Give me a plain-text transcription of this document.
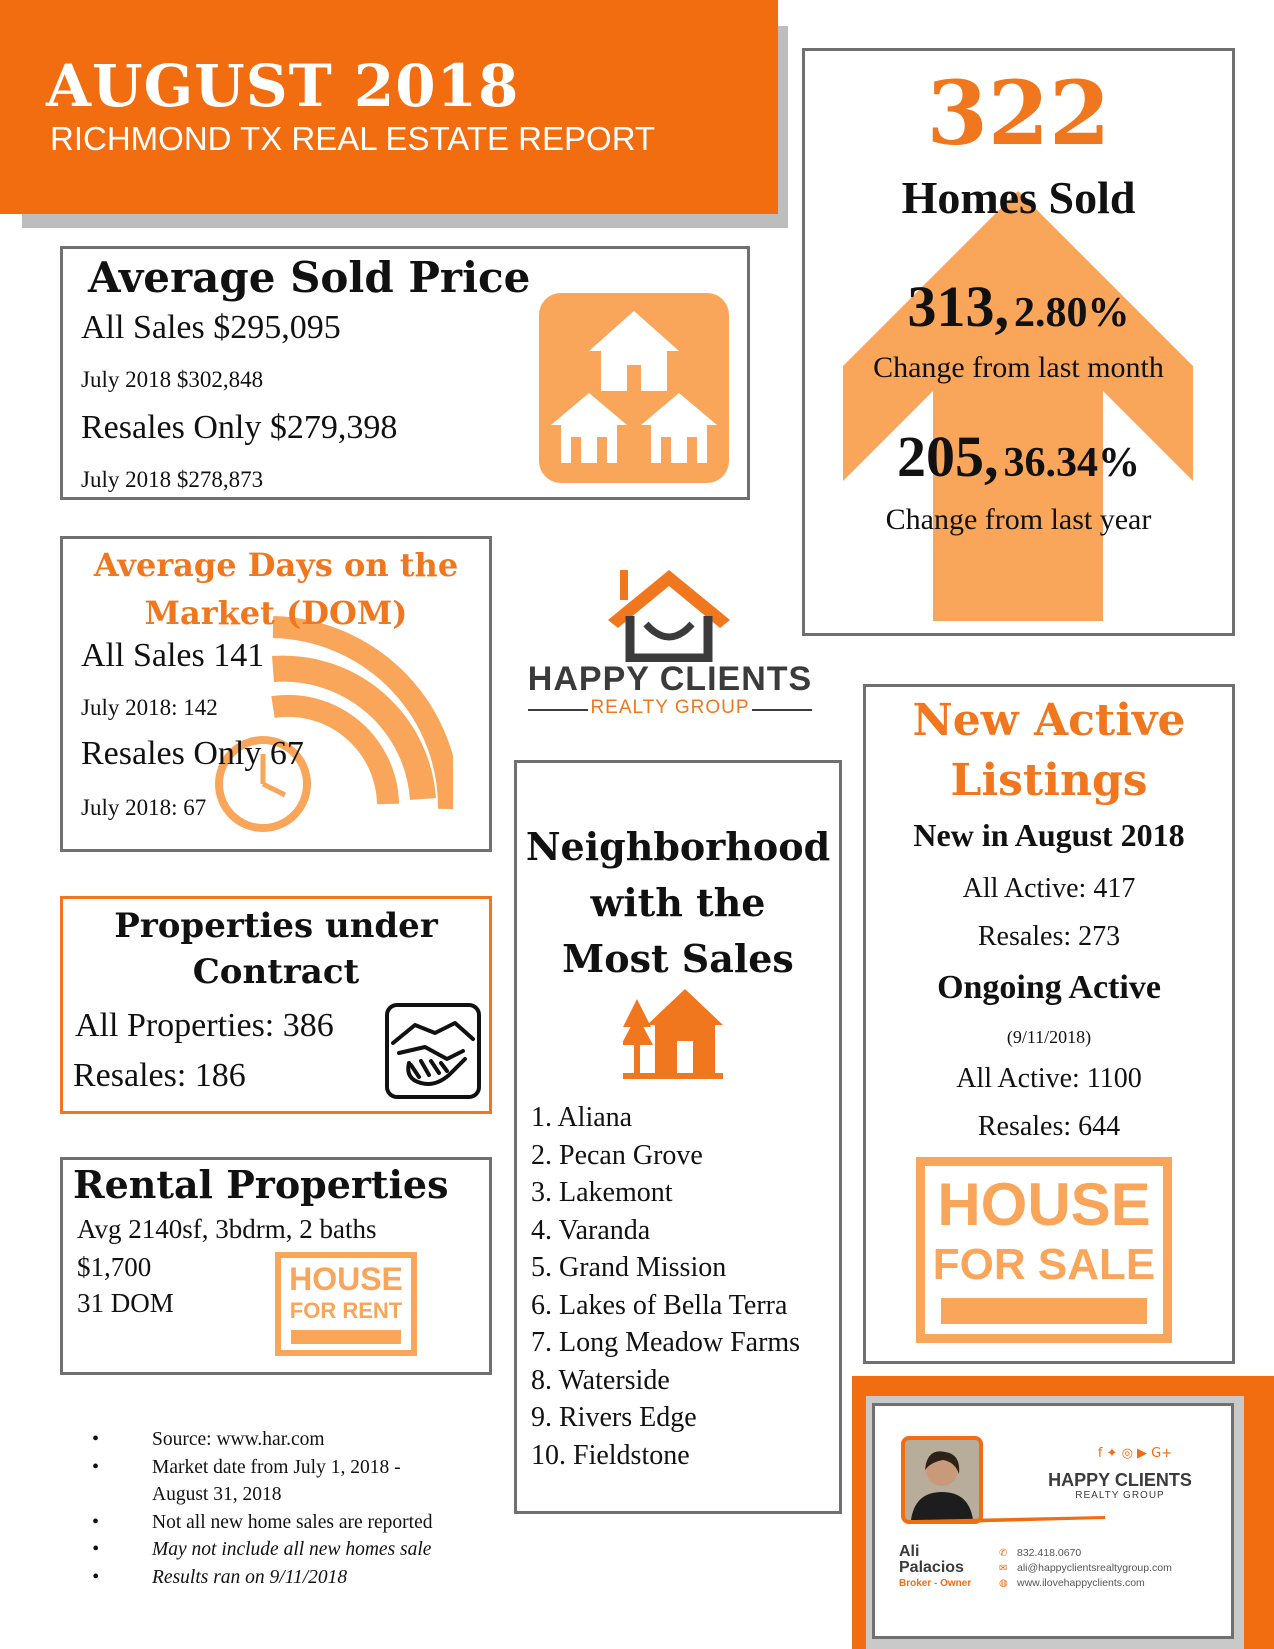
AUGUST 2018
RICHMOND TX REAL ESTATE REPORT
Average Sold Price
All Sales $295,095
July 2018 $302,848
Resales Only $279,398
July 2018 $278,873
322
Homes Sold
313, 2.80%
Change from last month
205, 36.34%
Change from last year
Average Days on the
Market (DOM)
All Sales 141
July 2018: 142
Resales Only 67
July 2018: 67
HAPPY CLIENTS
REALTY GROUP
Properties under
Contract
All Properties: 386
Resales: 186
Rental Properties
Avg 2140sf, 3bdrm, 2 baths
$1,700
31 DOM
HOUSE
FOR RENT
Neighborhood
with the
Most Sales
1. Aliana
2. Pecan Grove
3. Lakemont
4. Varanda
5. Grand Mission
6. Lakes of Bella Terra
7. Long Meadow Farms
8. Waterside
9. Rivers Edge
10. Fieldstone
New Active
Listings
New in August 2018
All Active: 417
Resales: 273
Ongoing Active
(9/11/2018)
All Active: 1100
Resales: 644
HOUSE
FOR SALE
• Source: www.har.com
• Market date from July 1, 2018 -
August 31, 2018
• Not all new home sales are reported
• May not include all new homes sale
• Results ran on 9/11/2018
f ✦ ◎ ▶ G+
HAPPY CLIENTS
REALTY GROUP
Ali
Palacios
Broker - Owner
✆
✉
◍
832.418.0670
ali@happyclientsrealtygroup.com
www.ilovehappyclients.com
